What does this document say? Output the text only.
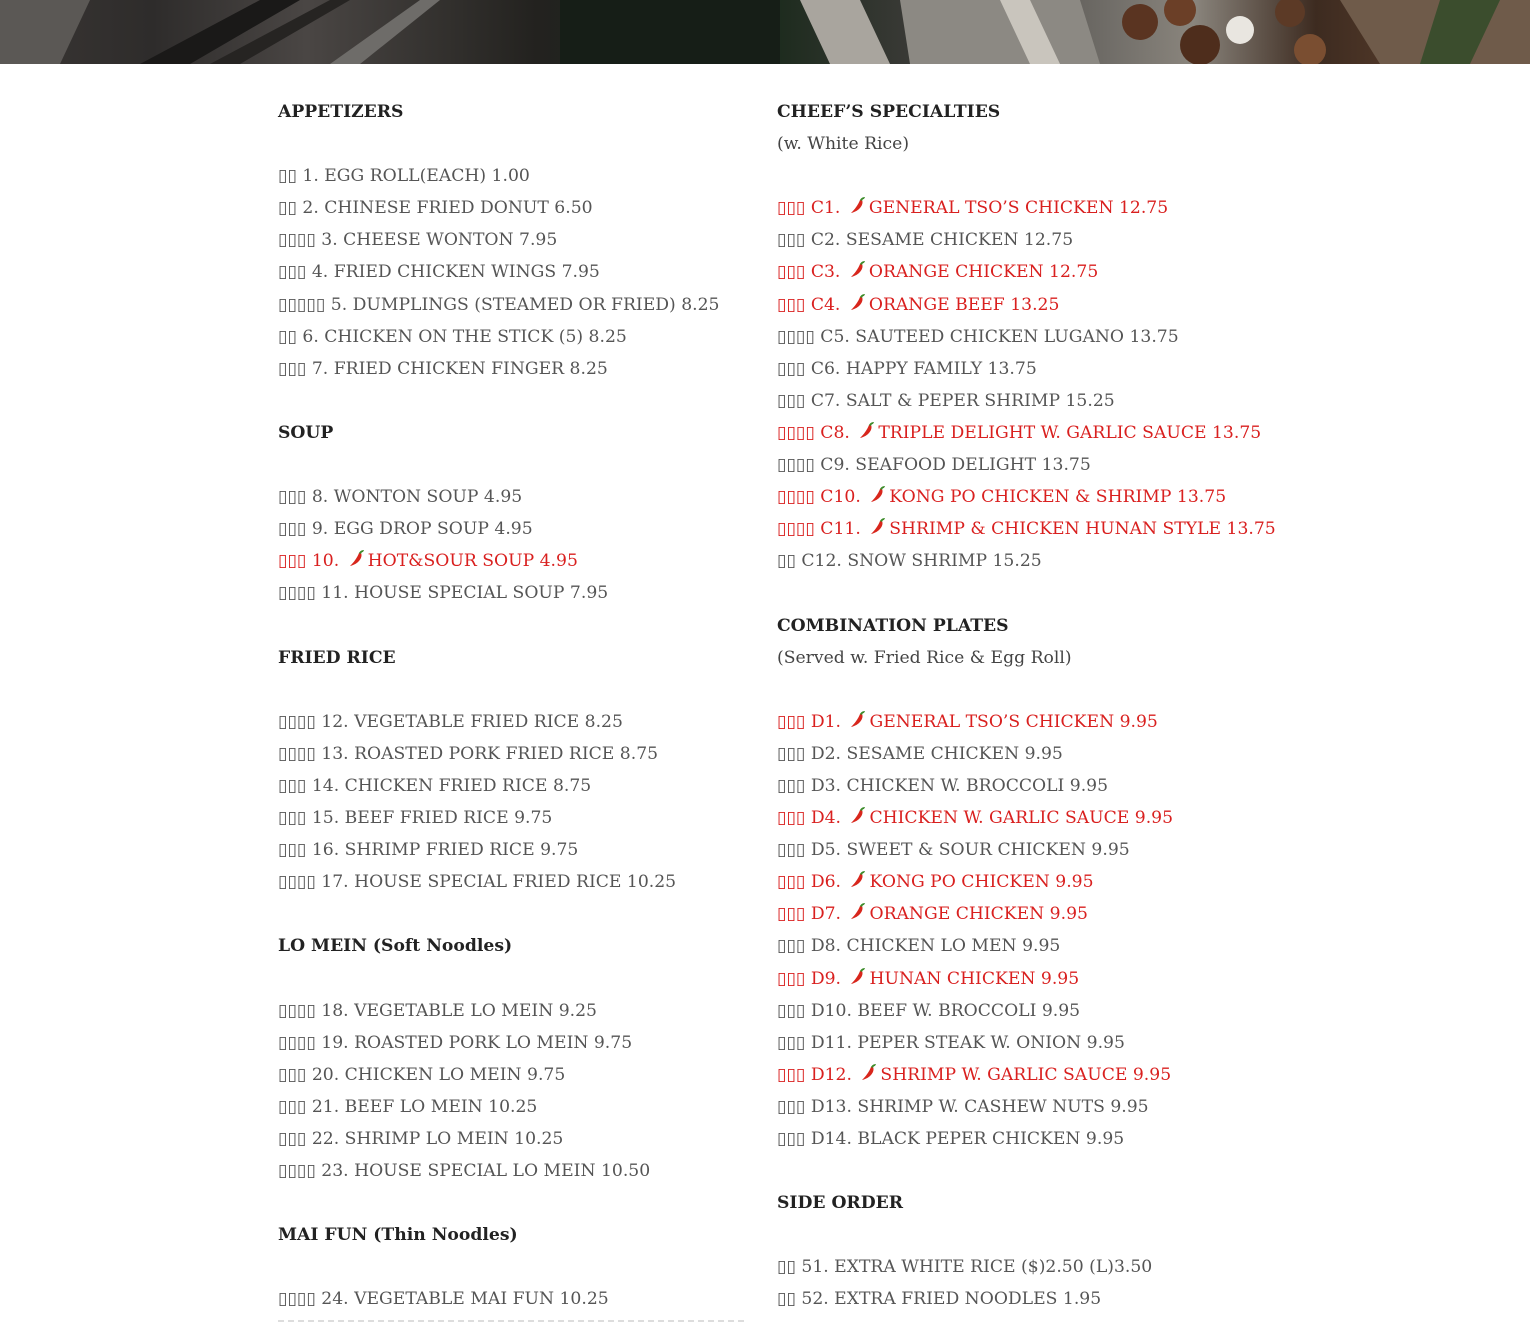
APPETIZERS
▯▯ 1. EGG ROLL(EACH) 1.00
▯▯ 2. CHINESE FRIED DONUT 6.50
▯▯▯▯ 3. CHEESE WONTON 7.95
▯▯▯ 4. FRIED CHICKEN WINGS 7.95
▯▯▯▯▯ 5. DUMPLINGS (STEAMED OR FRIED) 8.25
▯▯ 6. CHICKEN ON THE STICK (5) 8.25
▯▯▯ 7. FRIED CHICKEN FINGER 8.25
SOUP
▯▯▯ 8. WONTON SOUP 4.95
▯▯▯ 9. EGG DROP SOUP 4.95
▯▯▯ 10. HOT&SOUR SOUP 4.95
▯▯▯▯ 11. HOUSE SPECIAL SOUP 7.95
FRIED RICE
▯▯▯▯ 12. VEGETABLE FRIED RICE 8.25
▯▯▯▯ 13. ROASTED PORK FRIED RICE 8.75
▯▯▯ 14. CHICKEN FRIED RICE 8.75
▯▯▯ 15. BEEF FRIED RICE 9.75
▯▯▯ 16. SHRIMP FRIED RICE 9.75
▯▯▯▯ 17. HOUSE SPECIAL FRIED RICE 10.25
LO MEIN (Soft Noodles)
▯▯▯▯ 18. VEGETABLE LO MEIN 9.25
▯▯▯▯ 19. ROASTED PORK LO MEIN 9.75
▯▯▯ 20. CHICKEN LO MEIN 9.75
▯▯▯ 21. BEEF LO MEIN 10.25
▯▯▯ 22. SHRIMP LO MEIN 10.25
▯▯▯▯ 23. HOUSE SPECIAL LO MEIN 10.50
MAI FUN (Thin Noodles)
▯▯▯▯ 24. VEGETABLE MAI FUN 10.25
CHEEF’S SPECIALTIES
(w. White Rice)
▯▯▯ C1. GENERAL TSO’S CHICKEN 12.75
▯▯▯ C2. SESAME CHICKEN 12.75
▯▯▯ C3. ORANGE CHICKEN 12.75
▯▯▯ C4. ORANGE BEEF 13.25
▯▯▯▯ C5. SAUTEED CHICKEN LUGANO 13.75
▯▯▯ C6. HAPPY FAMILY 13.75
▯▯▯ C7. SALT & PEPER SHRIMP 15.25
▯▯▯▯ C8. TRIPLE DELIGHT W. GARLIC SAUCE 13.75
▯▯▯▯ C9. SEAFOOD DELIGHT 13.75
▯▯▯▯ C10. KONG PO CHICKEN & SHRIMP 13.75
▯▯▯▯ C11. SHRIMP & CHICKEN HUNAN STYLE 13.75
▯▯ C12. SNOW SHRIMP 15.25
COMBINATION PLATES
(Served w. Fried Rice & Egg Roll)
▯▯▯ D1. GENERAL TSO’S CHICKEN 9.95
▯▯▯ D2. SESAME CHICKEN 9.95
▯▯▯ D3. CHICKEN W. BROCCOLI 9.95
▯▯▯ D4. CHICKEN W. GARLIC SAUCE 9.95
▯▯▯ D5. SWEET & SOUR CHICKEN 9.95
▯▯▯ D6. KONG PO CHICKEN 9.95
▯▯▯ D7. ORANGE CHICKEN 9.95
▯▯▯ D8. CHICKEN LO MEN 9.95
▯▯▯ D9. HUNAN CHICKEN 9.95
▯▯▯ D10. BEEF W. BROCCOLI 9.95
▯▯▯ D11. PEPER STEAK W. ONION 9.95
▯▯▯ D12. SHRIMP W. GARLIC SAUCE 9.95
▯▯▯ D13. SHRIMP W. CASHEW NUTS 9.95
▯▯▯ D14. BLACK PEPER CHICKEN 9.95
SIDE ORDER
▯▯ 51. EXTRA WHITE RICE ($)2.50 (L)3.50
▯▯ 52. EXTRA FRIED NOODLES 1.95
